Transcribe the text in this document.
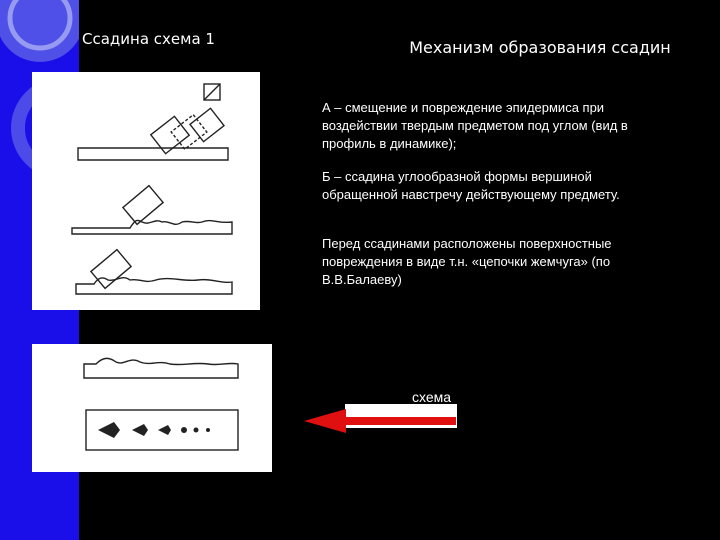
Ссадина схема 1	Механизм образования ссадин

А – смещение и повреждение эпидермиса при воздействии твердым предметом под углом (вид в профиль в динамике);

Б – ссадина углообразной формы вершиной обращенной навстречу действующему предмету.

Перед ссадинами расположены поверхностные повреждения в виде т.н. «цепочки жемчуга» (по В.В.Балаеву)

схема
